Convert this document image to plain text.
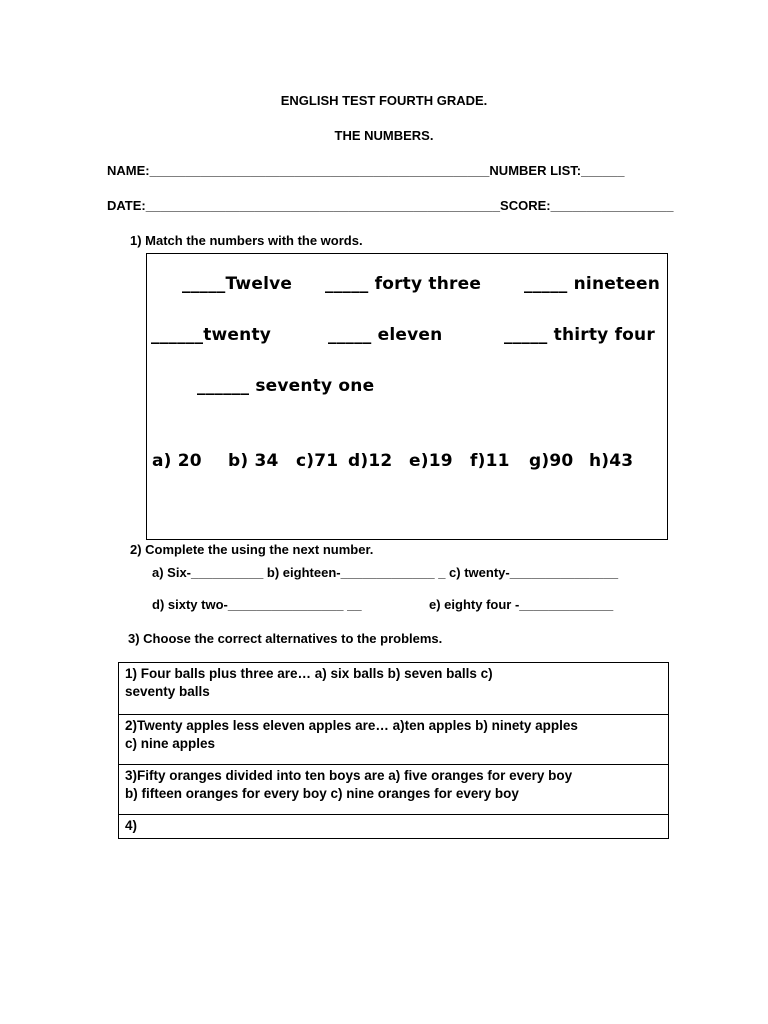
ENGLISH TEST FOURTH GRADE.
THE NUMBERS.
NAME:_______________________________________________NUMBER LIST:______
DATE:_________________________________________________SCORE:_________________
1) Match the numbers with the words.
_____Twelve _____ forty three	_____ nineteen
______twenty	_____ eleven	_____ thirty four
______ seventy one
a) 20 b) 34 c)71 d)12 e)19 f)11 g)90 h)43
2) Complete the using the next number.
a) Six-__________ b) eighteen-_____________ _ c) twenty-_______________
d) sixty two-________________ __	e) eighty four -_____________
3) Choose the correct alternatives to the problems.
1) Four balls plus three are… a) six balls b) seven balls c)
seventy balls

2)Twenty apples less eleven apples are… a)ten apples b) ninety apples
c) nine apples

3)Fifty oranges divided into ten boys are a) five oranges for every boy
b) fifteen oranges for every boy c) nine oranges for every boy

4)
